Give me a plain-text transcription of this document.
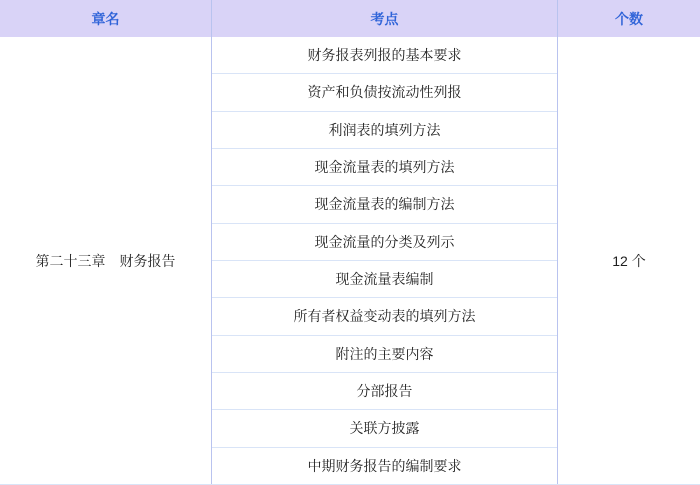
章名	考点	个数
第二十三章　财务报告
财务报表列报的基本要求
资产和负债按流动性列报
利润表的填列方法
现金流量表的填列方法
现金流量表的编制方法
现金流量的分类及列示
现金流量表编制
所有者权益变动表的填列方法
附注的主要内容
分部报告
关联方披露
中期财务报告的编制要求
12 个
